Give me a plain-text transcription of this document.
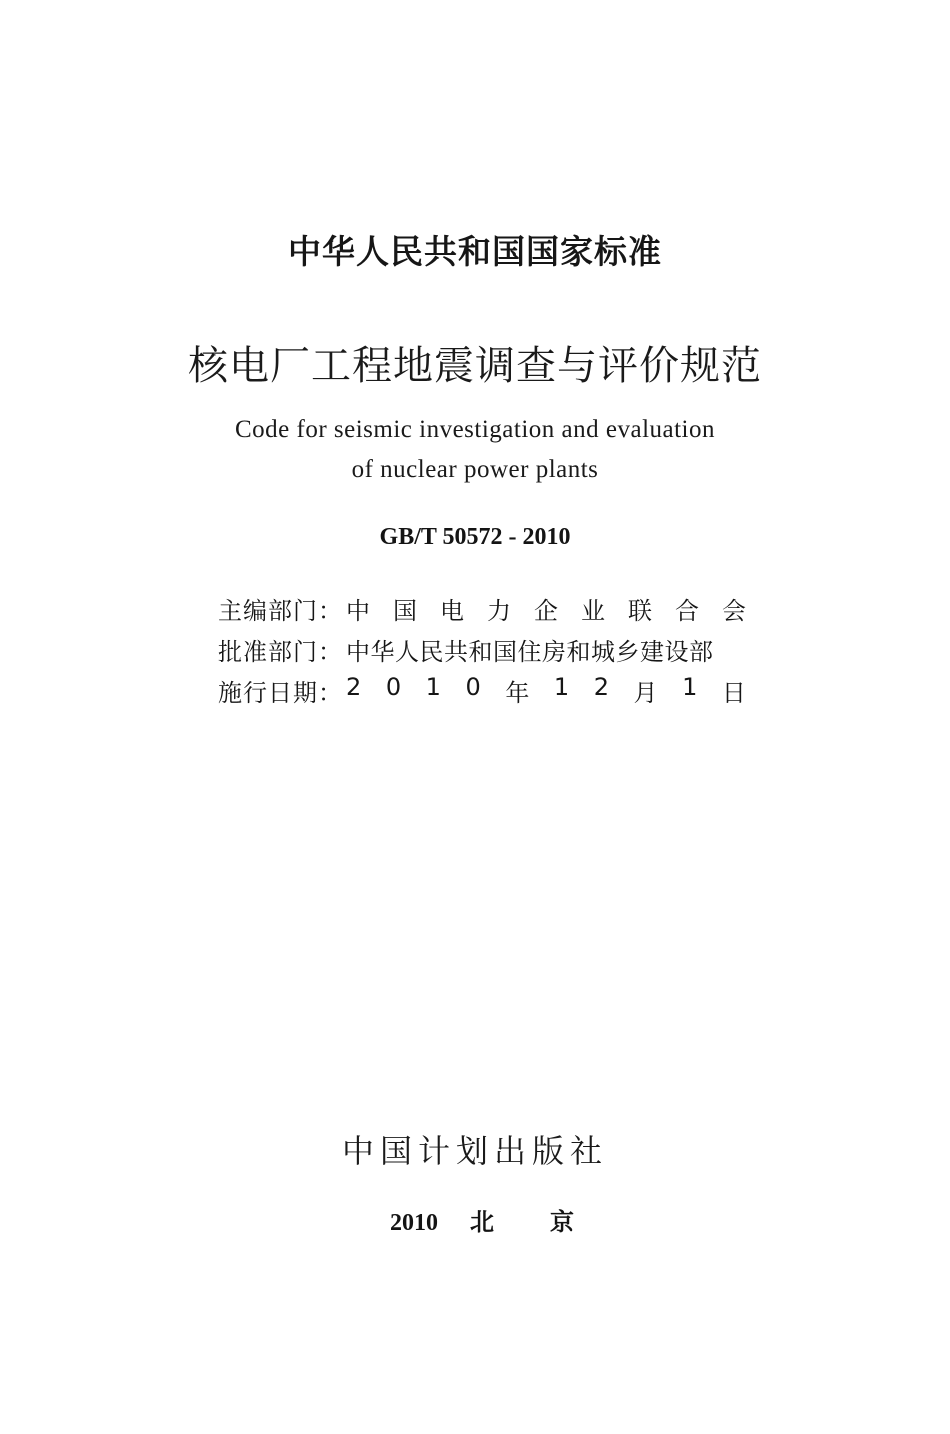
中华人民共和国国家标准
核电厂工程地震调查与评价规范
Code for seismic investigation and evaluation
of nuclear power plants
GB/T 50572 - 2010
主编部门： 中 国 电 力 企 业 联 合 会
批准部门： 中华人民共和国住房和城乡建设部
施行日期： 2 0 1 0 年 1 2 月 1 日
中国计划出版社
2010 北 京
